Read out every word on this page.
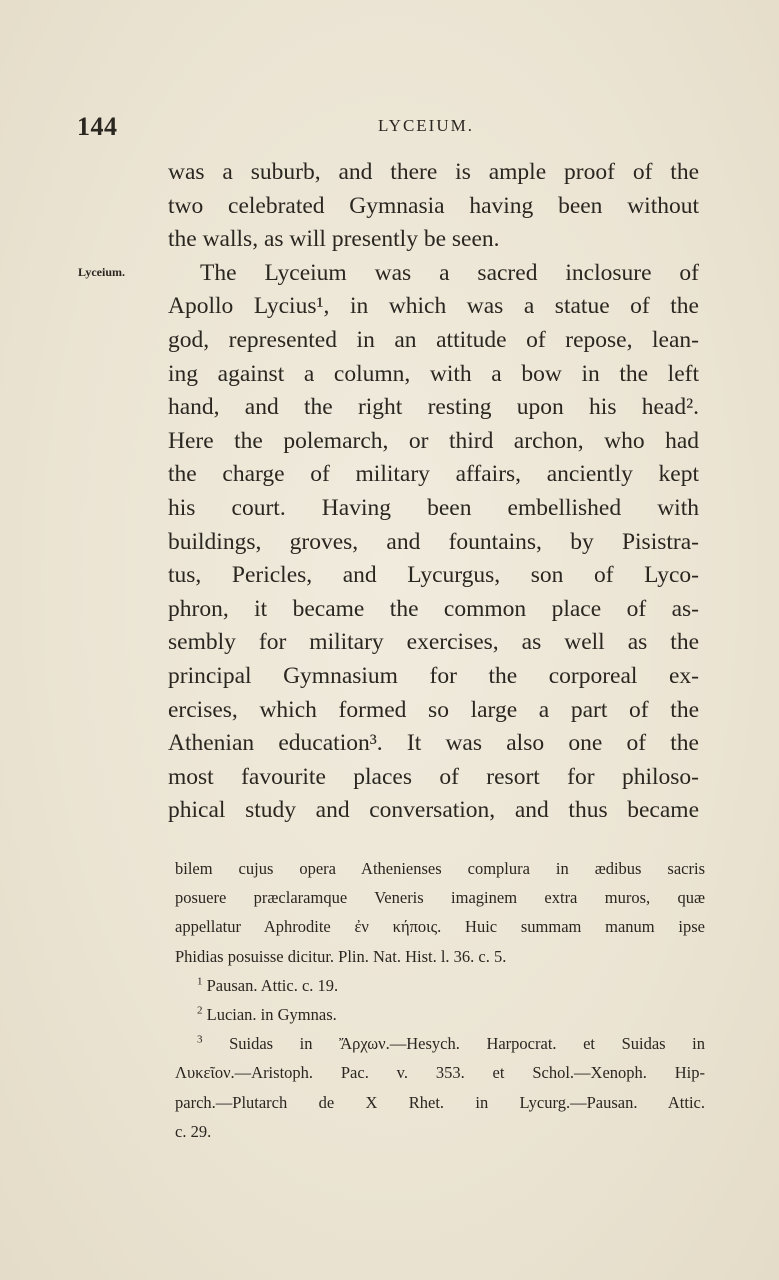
144	LYCEIUM.
Lyceium.
was a suburb, and there is ample proof of the
two celebrated Gymnasia having been without
the walls, as will presently be seen.
The Lyceium was a sacred inclosure of
Apollo Lycius¹, in which was a statue of the
god, represented in an attitude of repose, lean-
ing against a column, with a bow in the left
hand, and the right resting upon his head².
Here the polemarch, or third archon, who had
the charge of military affairs, anciently kept
his court. Having been embellished with
buildings, groves, and fountains, by Pisistra-
tus, Pericles, and Lycurgus, son of Lyco-
phron, it became the common place of as-
sembly for military exercises, as well as the
principal Gymnasium for the corporeal ex-
ercises, which formed so large a part of the
Athenian education³. It was also one of the
most favourite places of resort for philoso-
phical study and conversation, and thus became
bilem cujus opera Athenienses complura in ædibus sacris
posuere præclaramque Veneris imaginem extra muros, quæ
appellatur Aphrodite ἐν κήποις. Huic summam manum ipse
Phidias posuisse dicitur. Plin. Nat. Hist. l. 36. c. 5.
$^1$ Pausan. Attic. c. 19.
$^2$ Lucian. in Gymnas.
$^3$ Suidas in Ἄρχων.—Hesych. Harpocrat. et Suidas in
Λυκεῖον.—Aristoph. Pac. v. 353. et Schol.—Xenoph. Hip-
parch.—Plutarch de X Rhet. in Lycurg.—Pausan. Attic.
c. 29.
